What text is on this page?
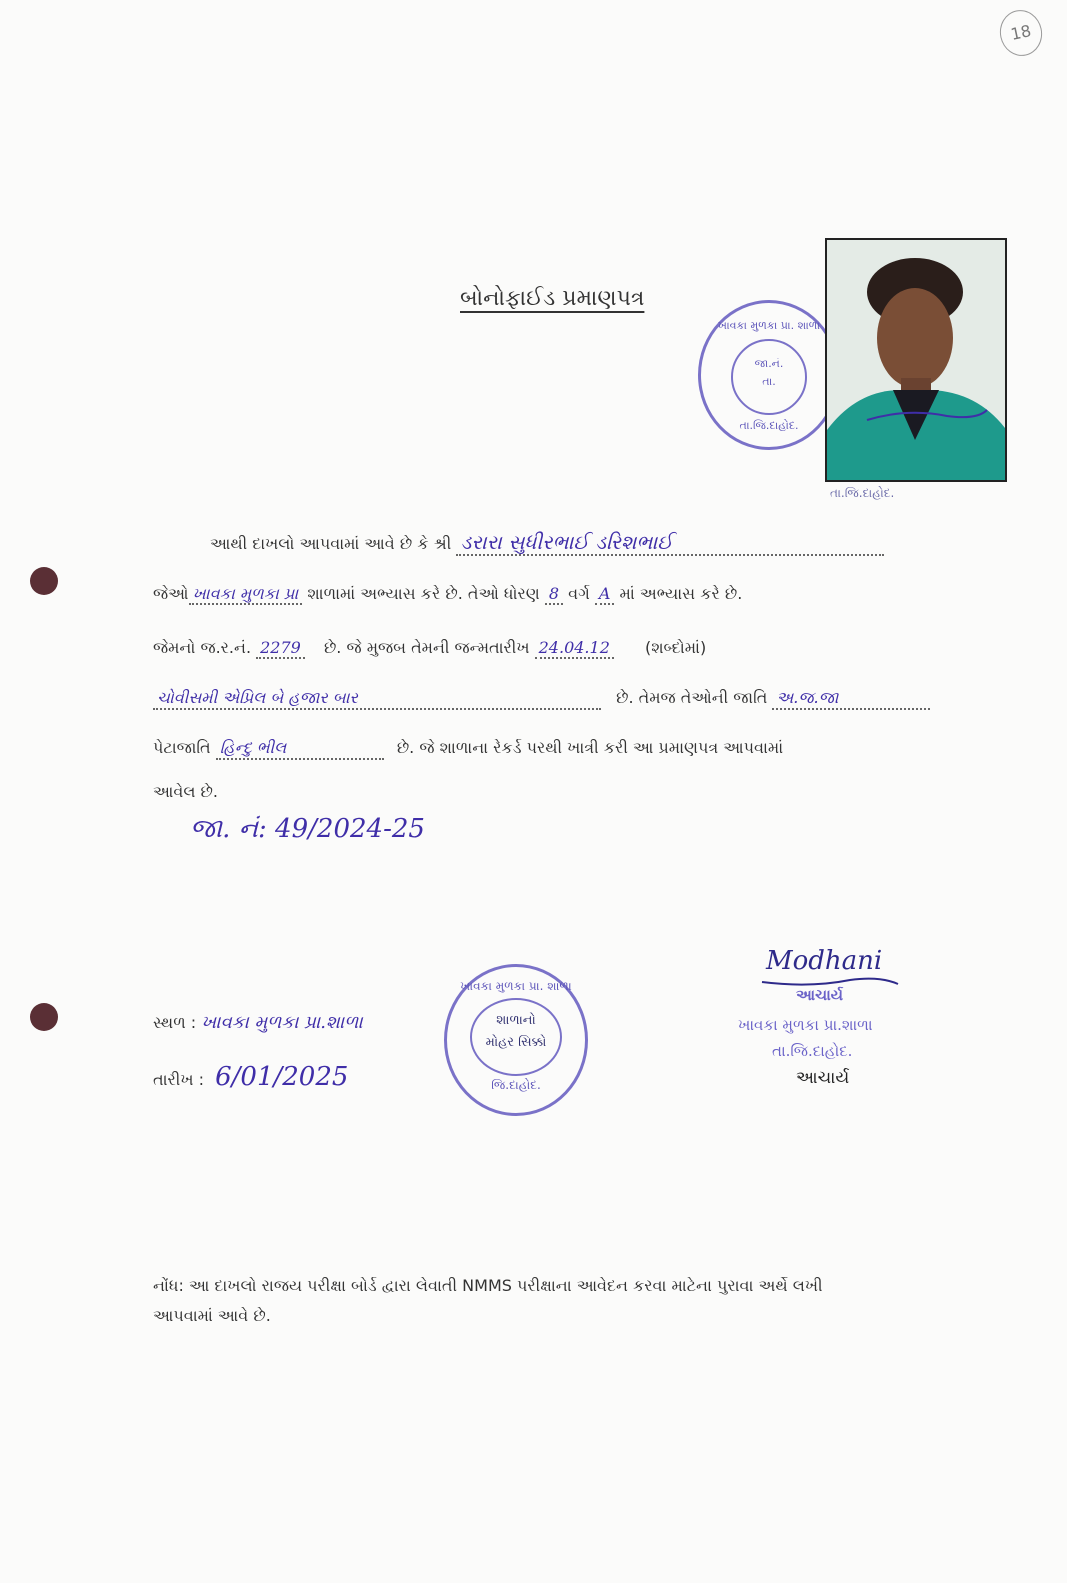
18
બોનોફાઈડ પ્રમાણપત્ર
ખાવકા મુળકા પ્રા. શાળા
જા.નં.
તા.
તા.જિ.દાહોદ.
તા.જિ.દાહોદ.
આથી દાખલો આપવામાં આવે છે કે શ્રી ડરારા સુધીરભાઈ ડરિશભાઈ
જેઓ ખાવકા મુળકા પ્રા શાળામાં અભ્યાસ કરે છે. તેઓ ધોરણ 8 વર્ગ A માં અભ્યાસ કરે છે.
જેમનો જ.ર.નં. 2279 છે. જે મુજબ તેમની જન્મતારીખ 24.04.12 (શબ્દોમાં)
ચોવીસમી એપ્રિલ બે હજાર બાર	છે. તેમજ તેઓની જાતિ અ.જ.જા
પેટાજાતિ હિન્દુ ભીલ	છે. જે શાળાના રેકર્ડ પરથી ખાત્રી કરી આ પ્રમાણપત્ર આપવામાં
આવેલ છે.
જા. નં: 49/2024-25
સ્થળ : ખાવકા મુળકા પ્રા.શાળા
તારીખ : 6/01/2025
ખાવકા મુળકા પ્રા. શાળા
શાળાનો
મોહર સિક્કો
જિ.દાહોદ.
Modhani
આચાર્ય
ખાવકા મુળકા પ્રા.શાળા
તા.જિ.દાહોદ.
આચાર્ય
નોંધ: આ દાખલો રાજય પરીક્ષા બોર્ડ દ્વારા લેવાતી NMMS પરીક્ષાના આવેદન કરવા માટેના પુરાવા અર્થે લખી
આપવામાં આવે છે.
